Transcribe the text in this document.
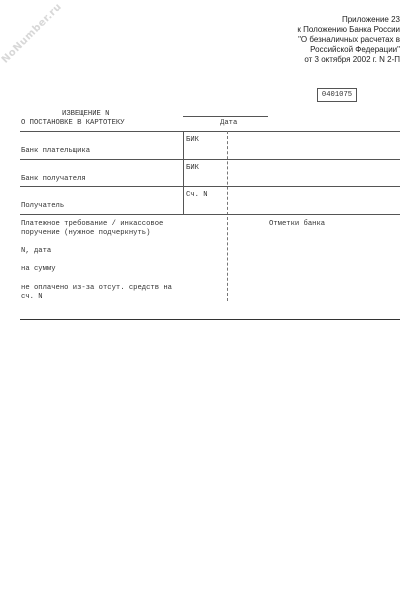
NoNumber.ru	Приложение 23
к Положению Банка России
"О безналичных расчетах в
Российской Федерации"
от 3 октября 2002 г. N 2-П
0401075
ИЗВЕЩЕНИЕ N
О ПОСТАНОВКЕ В КАРТОТЕКУ	Дата
БИК
Банк плательщика
БИК
Банк получателя
Сч. N
Получатель
Платежное требование / инкассовое
поручение (нужное подчеркнуть)
Отметки банка
N, дата
на сумму
не оплачено из-за отсут. средств на
сч. N
